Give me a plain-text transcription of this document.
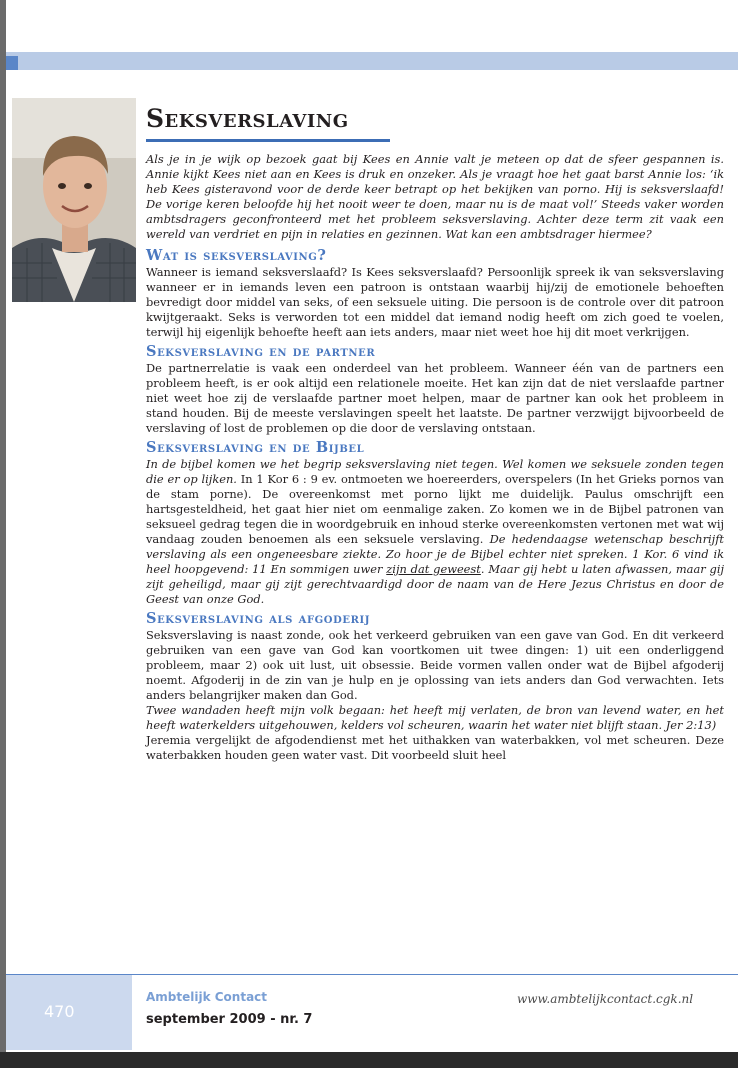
Seksverslaving

Als je in je wijk op bezoek gaat bij Kees en Annie valt je meteen op dat de sfeer gespannen is. Annie kijkt Kees niet aan en Kees is druk en onzeker. Als je vraagt hoe het gaat barst Annie los: ‘ik heb Kees gisteravond voor de derde keer betrapt op het bekijken van porno. Hij is seksverslaafd! De vorige keren beloofde hij het nooit weer te doen, maar nu is de maat vol!’ Steeds vaker worden ambtsdragers geconfronteerd met het probleem seksverslaving. Achter deze term zit vaak een wereld van verdriet en pijn in relaties en gezinnen. Wat kan een ambtsdrager hiermee?

Wat is seksverslaving?

Wanneer is iemand seksverslaafd? Is Kees seksverslaafd? Persoonlijk spreek ik van seksverslaving wanneer er in iemands leven een patroon is ontstaan waarbij hij/zij de emotionele behoeften bevredigt door middel van seks, of een seksuele uiting. Die persoon is de controle over dit patroon kwijtgeraakt. Seks is verworden tot een middel dat iemand nodig heeft om zich goed te voelen, terwijl hij eigenlijk behoefte heeft aan iets anders, maar niet weet hoe hij dit moet verkrijgen.

Seksverslaving en de partner

De partnerrelatie is vaak een onderdeel van het probleem. Wanneer één van de partners een probleem heeft, is er ook altijd een relationele moeite. Het kan zijn dat de niet verslaafde partner niet weet hoe zij de verslaafde partner moet helpen, maar de partner kan ook het probleem in stand houden. Bij de meeste verslavingen speelt het laatste. De partner verzwijgt bijvoorbeeld de verslaving of lost de problemen op die door de verslaving ontstaan.

Seksverslaving en de Bijbel

In de bijbel komen we het begrip seksverslaving niet tegen. Wel komen we seksuele zonden tegen die er op lijken. In 1 Kor 6 : 9 ev. ontmoeten we hoereerders, overspelers (In het Grieks pornos van de stam porne). De overeenkomst met porno lijkt me duidelijk. Paulus omschrijft een hartsgesteldheid, het gaat hier niet om eenmalige zaken. Zo komen we in de Bijbel patronen van seksueel gedrag tegen die in woordgebruik en inhoud sterke overeenkomsten vertonen met wat wij vandaag zouden benoemen als een seksuele verslaving. De hedendaagse wetenschap beschrijft verslaving als een ongeneesbare ziekte. Zo hoor je de Bijbel echter niet spreken. 1 Kor. 6 vind ik heel hoopgevend: 11 En sommigen uwer zijn dat geweest. Maar gij hebt u laten afwassen, maar gij zijt geheiligd, maar gij zijt gerechtvaardigd door de naam van de Here Jezus Christus en door de Geest van onze God.

Seksverslaving als afgoderij

Seksverslaving is naast zonde, ook het verkeerd gebruiken van een gave van God. En dit verkeerd gebruiken van een gave van God kan voortkomen uit twee dingen: 1) uit een onderliggend probleem, maar 2) ook uit lust, uit obsessie. Beide vormen vallen onder wat de Bijbel afgoderij noemt. Afgoderij in de zin van je hulp en je oplossing van iets anders dan God verwachten. Iets anders belangrijker maken dan God.

Twee wandaden heeft mijn volk begaan: het heeft mij verlaten, de bron van levend water, en het heeft waterkelders uitgehouwen, kelders vol scheuren, waarin het water niet blijft staan. Jer 2:13)

Jeremia vergelijkt de afgodendienst met het uithakken van waterbakken, vol met scheuren. Deze waterbakken houden geen water vast. Dit voorbeeld sluit heel

470
Ambtelijk Contact
september 2009 - nr. 7
www.ambtelijkcontact.cgk.nl
